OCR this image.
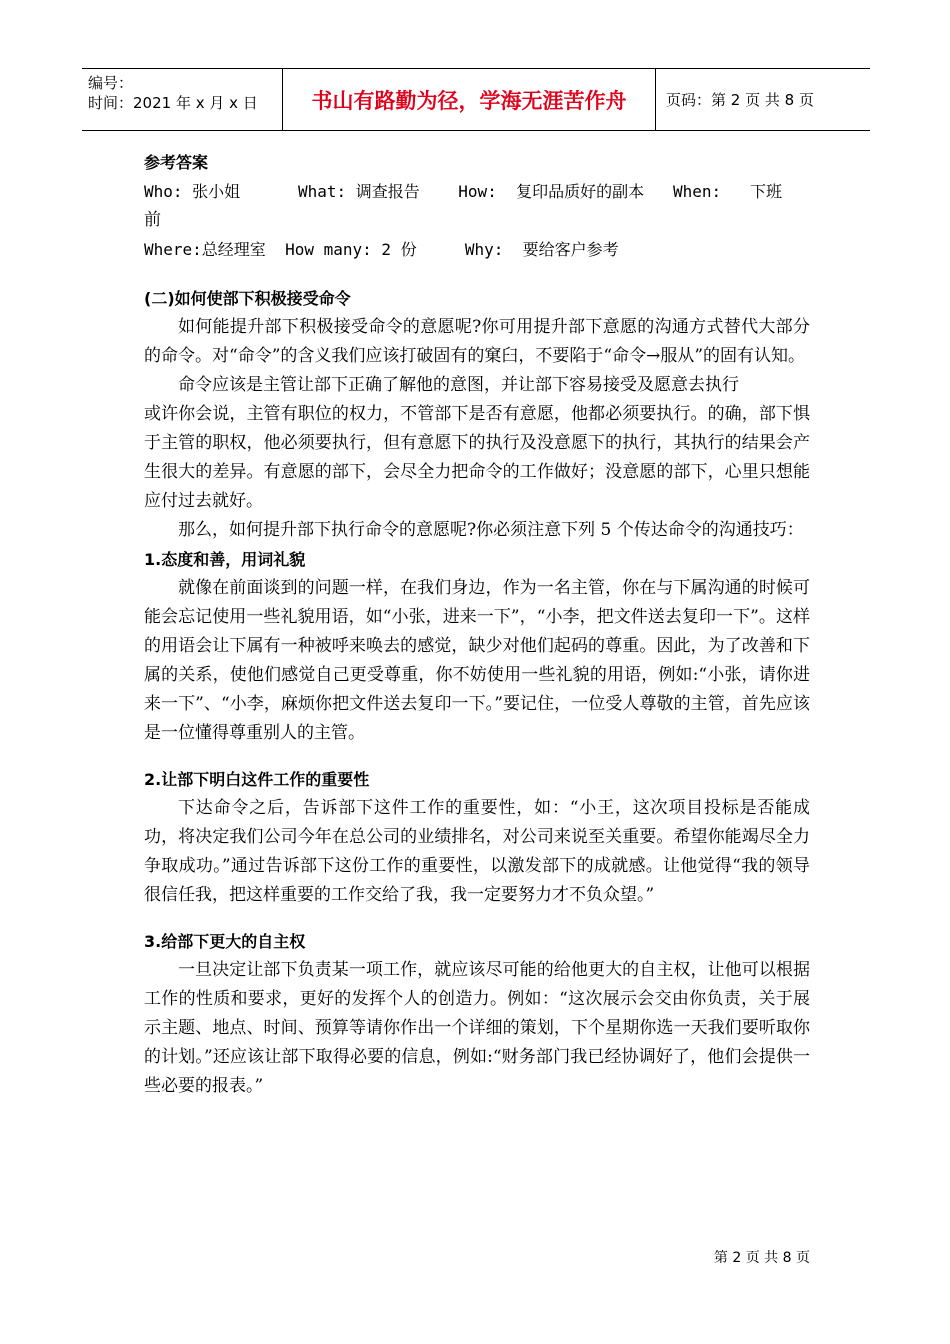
编号：
时间：2021 年 x 月 x 日	书山有路勤为径，学海无涯苦作舟	页码：第 2 页 共 8 页

参考答案

Who: 张小姐      What: 调查报告    How:  复印品质好的副本   When:   下班

前

Where:总经理室  How many: 2 份     Why:  要给客户参考

(二)如何使部下积极接受命令

如何能提升部下积极接受命令的意愿呢?你可用提升部下意愿的沟通方式替代大部分的命令。对“命令”的含义我们应该打破固有的窠臼，不要陷于“命令→服从”的固有认知。

命令应该是主管让部下正确了解他的意图，并让部下容易接受及愿意去执行

或许你会说，主管有职位的权力，不管部下是否有意愿，他都必须要执行。的确，部下惧于主管的职权，他必须要执行，但有意愿下的执行及没意愿下的执行，其执行的结果会产生很大的差异。有意愿的部下，会尽全力把命令的工作做好；没意愿的部下，心里只想能应付过去就好。

那么，如何提升部下执行命令的意愿呢?你必须注意下列 5 个传达命令的沟通技巧：

1.态度和善，用词礼貌

就像在前面谈到的问题一样，在我们身边，作为一名主管，你在与下属沟通的时候可能会忘记使用一些礼貌用语，如“小张，进来一下”，“小李，把文件送去复印一下”。这样的用语会让下属有一种被呼来唤去的感觉，缺少对他们起码的尊重。因此，为了改善和下属的关系，使他们感觉自己更受尊重，你不妨使用一些礼貌的用语，例如:“小张，请你进来一下”、“小李，麻烦你把文件送去复印一下。”要记住，一位受人尊敬的主管，首先应该是一位懂得尊重别人的主管。

2.让部下明白这件工作的重要性

下达命令之后，告诉部下这件工作的重要性，如：“小王，这次项目投标是否能成功，将决定我们公司今年在总公司的业绩排名，对公司来说至关重要。希望你能竭尽全力争取成功。”通过告诉部下这份工作的重要性，以激发部下的成就感。让他觉得“我的领导很信任我，把这样重要的工作交给了我，我一定要努力才不负众望。”

3.给部下更大的自主权

一旦决定让部下负责某一项工作，就应该尽可能的给他更大的自主权，让他可以根据工作的性质和要求，更好的发挥个人的创造力。例如：“这次展示会交由你负责，关于展示主题、地点、时间、预算等请你作出一个详细的策划，下个星期你选一天我们要听取你的计划。”还应该让部下取得必要的信息，例如:“财务部门我已经协调好了，他们会提供一些必要的报表。”

第 2 页 共 8 页
